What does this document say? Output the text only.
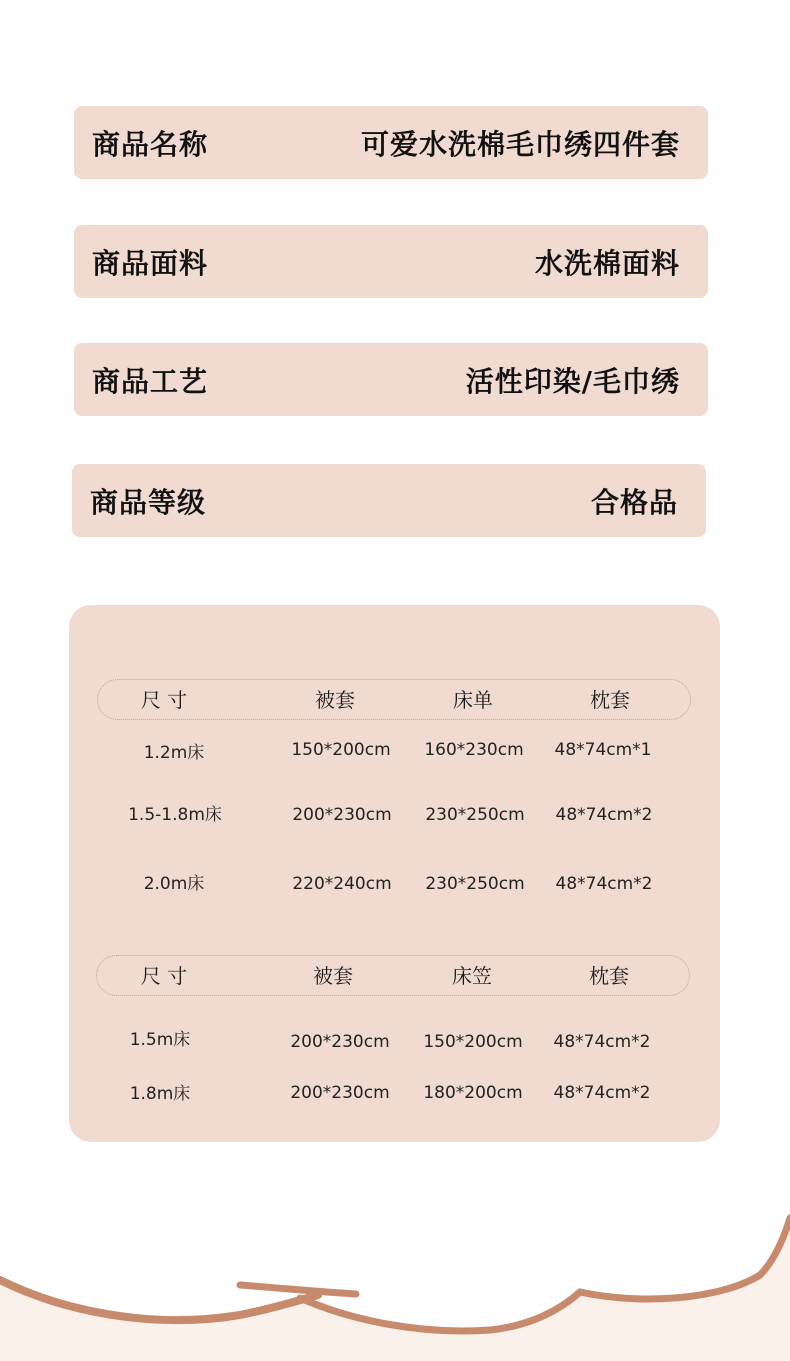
商品名称	可爱水洗棉毛巾绣四件套
商品面料	水洗棉面料
商品工艺	活性印染/毛巾绣
商品等级	合格品
尺 寸	被套	床单	枕套
1.2m床	150*200cm 160*230cm 48*74cm*1
1.5-1.8m床	200*230cm 230*250cm 48*74cm*2
2.0m床	220*240cm 230*250cm 48*74cm*2
尺 寸	被套	床笠	枕套
1.5m床	200*230cm 150*200cm 48*74cm*2
1.8m床	200*230cm 180*200cm 48*74cm*2
